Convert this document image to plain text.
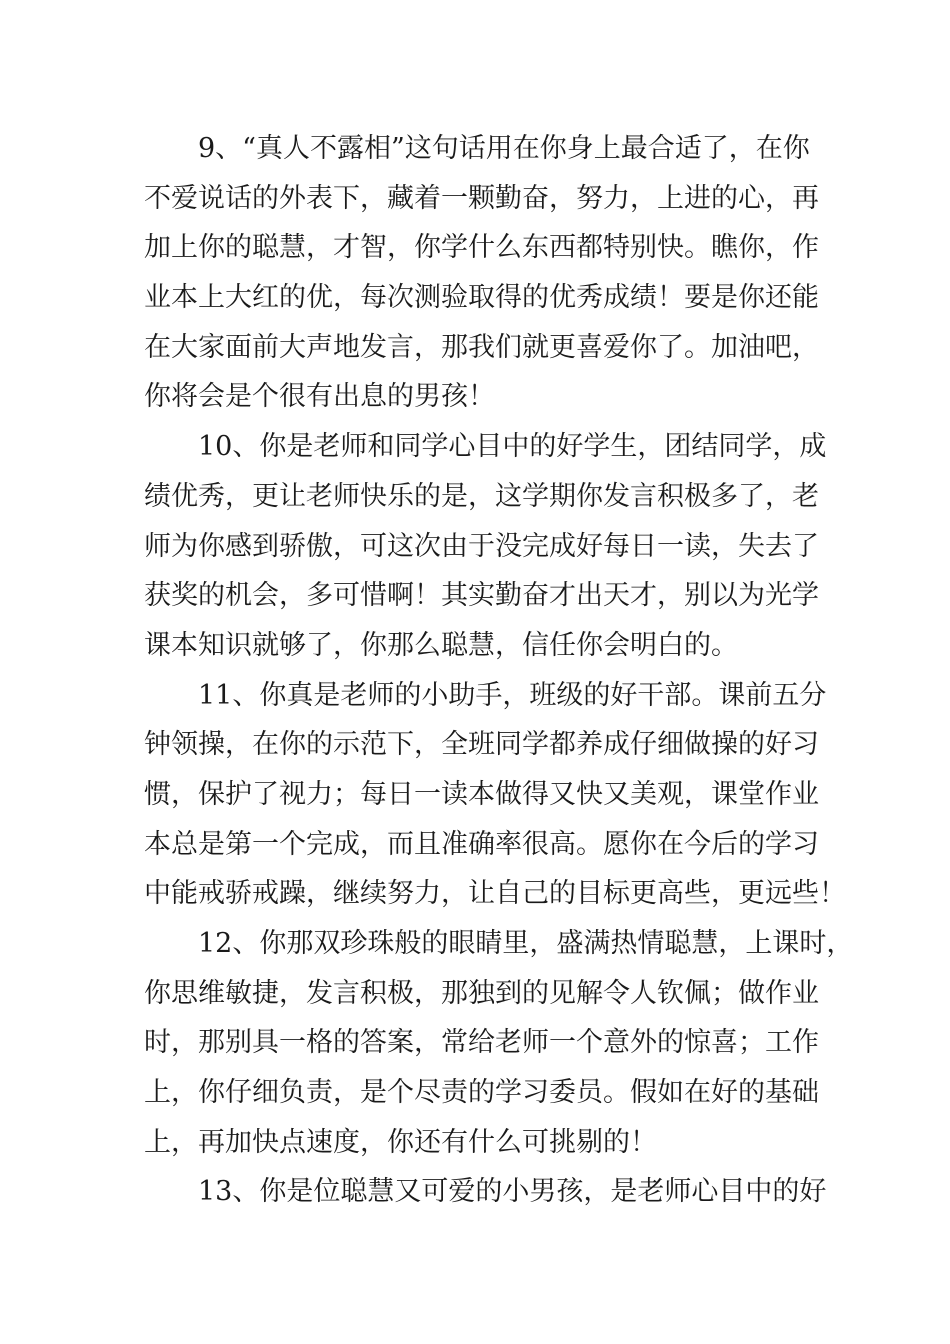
9、“真人不露相”这句话用在你身上最合适了，在你
不爱说话的外表下，藏着一颗勤奋，努力，上进的心，再
加上你的聪慧，才智，你学什么东西都特别快。瞧你，作
业本上大红的优，每次测验取得的优秀成绩！要是你还能
在大家面前大声地发言，那我们就更喜爱你了。加油吧，
你将会是个很有出息的男孩！
10、你是老师和同学心目中的好学生，团结同学，成
绩优秀，更让老师快乐的是，这学期你发言积极多了，老
师为你感到骄傲，可这次由于没完成好每日一读，失去了
获奖的机会，多可惜啊！其实勤奋才出天才，别以为光学
课本知识就够了，你那么聪慧，信任你会明白的。
11、你真是老师的小助手，班级的好干部。课前五分
钟领操，在你的示范下，全班同学都养成仔细做操的好习
惯，保护了视力；每日一读本做得又快又美观，课堂作业
本总是第一个完成，而且准确率很高。愿你在今后的学习
中能戒骄戒躁，继续努力，让自己的目标更高些，更远些！
12、你那双珍珠般的眼睛里，盛满热情聪慧，上课时，
你思维敏捷，发言积极，那独到的见解令人钦佩；做作业
时，那别具一格的答案，常给老师一个意外的惊喜；工作
上，你仔细负责，是个尽责的学习委员。假如在好的基础
上，再加快点速度，你还有什么可挑剔的！
13、你是位聪慧又可爱的小男孩，是老师心目中的好
